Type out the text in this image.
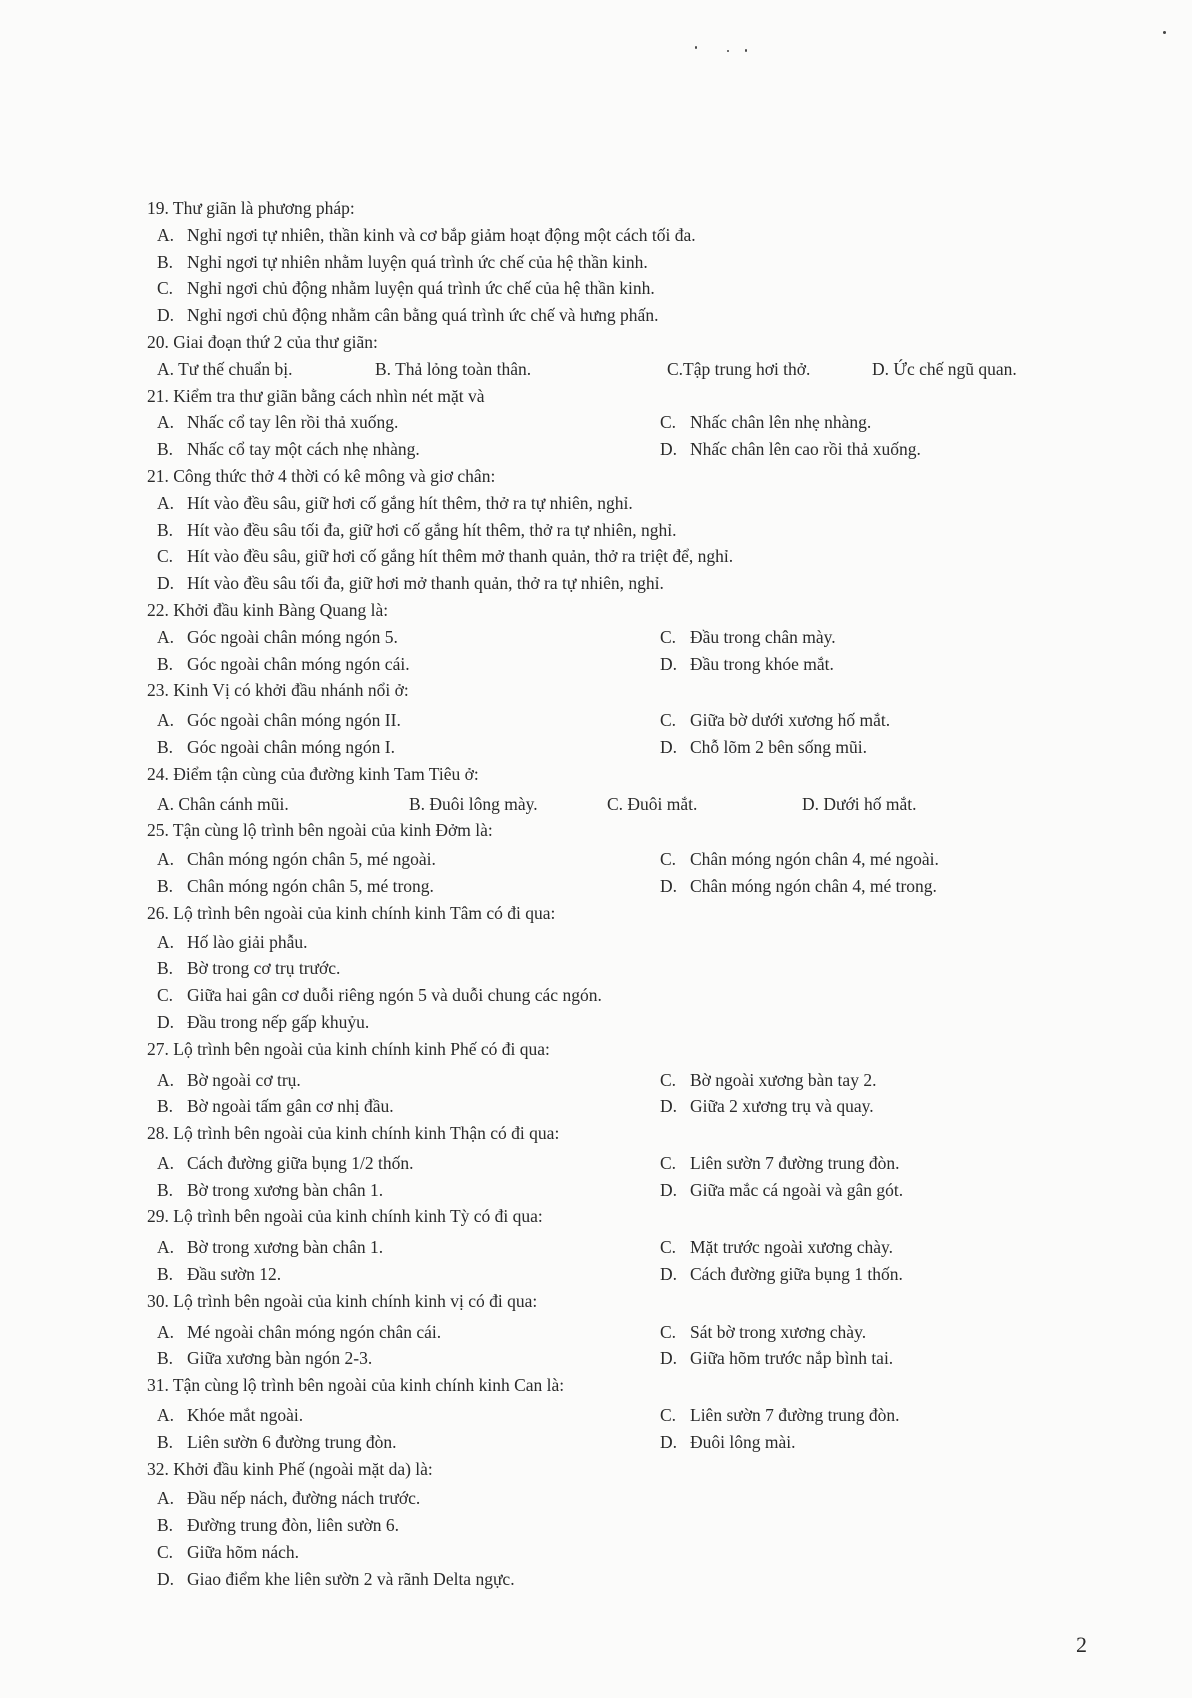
19. Thư giãn là phương pháp:
A. Nghỉ ngơi tự nhiên, thần kinh và cơ bắp giảm hoạt động một cách tối đa.
B. Nghỉ ngơi tự nhiên nhằm luyện quá trình ức chế của hệ thần kinh.
C. Nghỉ ngơi chủ động nhằm luyện quá trình ức chế của hệ thần kinh.
D. Nghỉ ngơi chủ động nhằm cân bằng quá trình ức chế và hưng phấn.
20. Giai đoạn thứ 2 của thư giãn:
A. Tư thế chuẩn bị.	B. Thả lỏng toàn thân.	C.Tập trung hơi thở.	D. Ức chế ngũ quan.
21. Kiểm tra thư giãn bằng cách nhìn nét mặt và
A. Nhấc cổ tay lên rồi thả xuống.	C. Nhấc chân lên nhẹ nhàng.
B. Nhấc cổ tay một cách nhẹ nhàng.	D. Nhấc chân lên cao rồi thả xuống.
21. Công thức thở 4 thời có kê mông và giơ chân:
A. Hít vào đều sâu, giữ hơi cố gắng hít thêm, thở ra tự nhiên, nghỉ.
B. Hít vào đều sâu tối đa, giữ hơi cố gắng hít thêm, thở ra tự nhiên, nghỉ.
C. Hít vào đều sâu, giữ hơi cố gắng hít thêm mở thanh quản, thở ra triệt để, nghỉ.
D. Hít vào đều sâu tối đa, giữ hơi mở thanh quản, thở ra tự nhiên, nghỉ.
22. Khởi đầu kinh Bàng Quang là:
A. Góc ngoài chân móng ngón 5.	C. Đầu trong chân mày.
B. Góc ngoài chân móng ngón cái.	D. Đầu trong khóe mắt.
23. Kinh Vị có khởi đầu nhánh nổi ở:
A. Góc ngoài chân móng ngón II.	C. Giữa bờ dưới xương hố mắt.
B. Góc ngoài chân móng ngón I.	D. Chỗ lõm 2 bên sống mũi.
24. Điểm tận cùng của đường kinh Tam Tiêu ở:
A. Chân cánh mũi.	B. Đuôi lông mày.	C. Đuôi mắt.	D. Dưới hố mắt.
25. Tận cùng lộ trình bên ngoài của kinh Đởm là:
A. Chân móng ngón chân 5, mé ngoài.	C. Chân móng ngón chân 4, mé ngoài.
B. Chân móng ngón chân 5, mé trong.	D. Chân móng ngón chân 4, mé trong.
26. Lộ trình bên ngoài của kinh chính kinh Tâm có đi qua:
A. Hố lào giải phẫu.
B. Bờ trong cơ trụ trước.
C. Giữa hai gân cơ duỗi riêng ngón 5 và duỗi chung các ngón.
D. Đầu trong nếp gấp khuỷu.
27. Lộ trình bên ngoài của kinh chính kinh Phế có đi qua:
A. Bờ ngoài cơ trụ.	C. Bờ ngoài xương bàn tay 2.
B. Bờ ngoài tấm gân cơ nhị đầu.	D. Giữa 2 xương trụ và quay.
28. Lộ trình bên ngoài của kinh chính kinh Thận có đi qua:
A. Cách đường giữa bụng 1/2 thốn.	C. Liên sườn 7 đường trung đòn.
B. Bờ trong xương bàn chân 1.	D. Giữa mắc cá ngoài và gân gót.
29. Lộ trình bên ngoài của kinh chính kinh Tỳ có đi qua:
A. Bờ trong xương bàn chân 1.	C. Mặt trước ngoài xương chày.
B. Đầu sườn 12.	D. Cách đường giữa bụng 1 thốn.
30. Lộ trình bên ngoài của kinh chính kinh vị có đi qua:
A. Mé ngoài chân móng ngón chân cái.	C. Sát bờ trong xương chày.
B. Giữa xương bàn ngón 2-3.	D. Giữa hõm trước nắp bình tai.
31. Tận cùng lộ trình bên ngoài của kinh chính kinh Can là:
A. Khóe mắt ngoài.	C. Liên sườn 7 đường trung đòn.
B. Liên sườn 6 đường trung đòn.	D. Đuôi lông mài.
32. Khởi đầu kinh Phế (ngoài mặt da) là:
A. Đầu nếp nách, đường nách trước.
B. Đường trung đòn, liên sườn 6.
C. Giữa hõm nách.
D. Giao điểm khe liên sườn 2 và rãnh Delta ngực.
2
